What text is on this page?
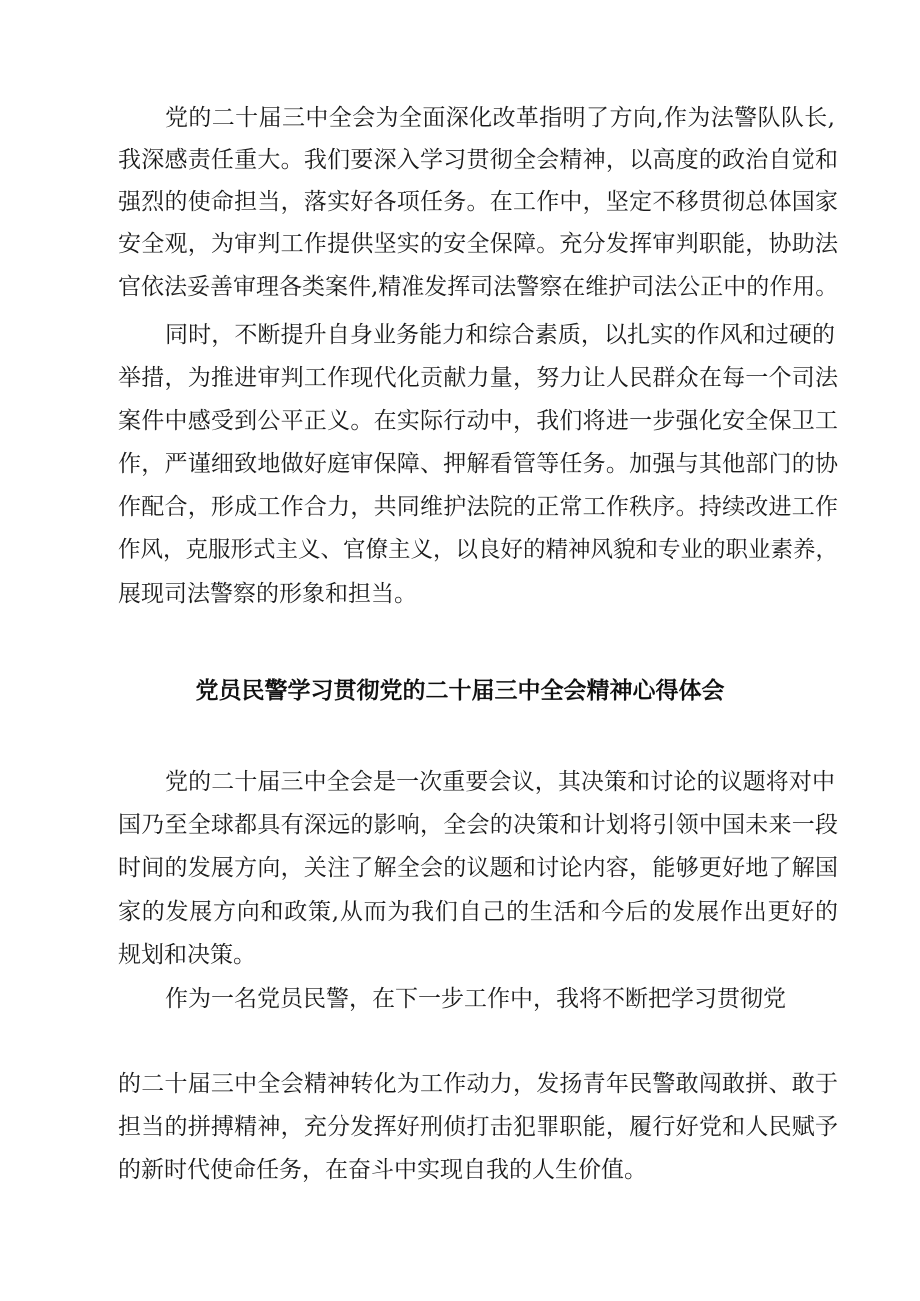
党的二十届三中全会为全面深化改革指明了方向,作为法警队队长,
我深感责任重大。我们要深入学习贯彻全会精神，以高度的政治自觉和
强烈的使命担当，落实好各项任务。在工作中，坚定不移贯彻总体国家
安全观，为审判工作提供坚实的安全保障。充分发挥审判职能，协助法
官依法妥善审理各类案件,精准发挥司法警察在维护司法公正中的作用。
同时，不断提升自身业务能力和综合素质，以扎实的作风和过硬的
举措，为推进审判工作现代化贡献力量，努力让人民群众在每一个司法
案件中感受到公平正义。在实际行动中，我们将进一步强化安全保卫工
作，严谨细致地做好庭审保障、押解看管等任务。加强与其他部门的协
作配合，形成工作合力，共同维护法院的正常工作秩序。持续改进工作
作风，克服形式主义、官僚主义，以良好的精神风貌和专业的职业素养，
展现司法警察的形象和担当。
党员民警学习贯彻党的二十届三中全会精神心得体会
党的二十届三中全会是一次重要会议，其决策和讨论的议题将对中
国乃至全球都具有深远的影响，全会的决策和计划将引领中国未来一段
时间的发展方向，关注了解全会的议题和讨论内容，能够更好地了解国
家的发展方向和政策,从而为我们自己的生活和今后的发展作出更好的
规划和决策。
作为一名党员民警，在下一步工作中，我将不断把学习贯彻党
的二十届三中全会精神转化为工作动力，发扬青年民警敢闯敢拼、敢于
担当的拼搏精神，充分发挥好刑侦打击犯罪职能，履行好党和人民赋予
的新时代使命任务，在奋斗中实现自我的人生价值。
